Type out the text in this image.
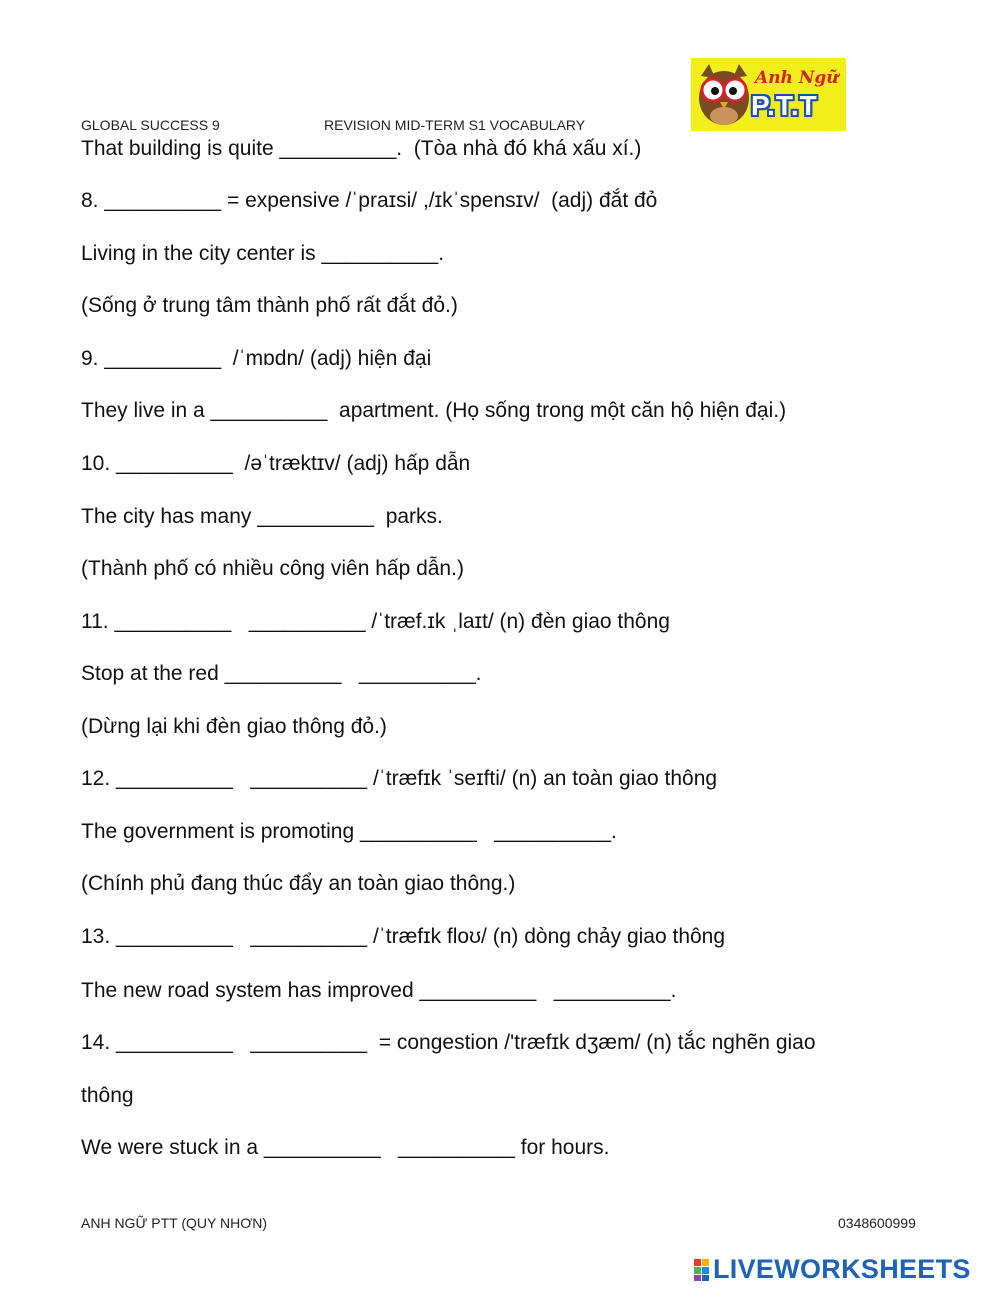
GLOBAL SUCCESS 9	REVISION MID-TERM S1 VOCABULARY
Anh Ngữ
P.T.T
That building is quite __________.  (Tòa nhà đó khá xấu xí.)
8. __________ = expensive /ˈpraɪsi/ ,/ɪkˈspensɪv/  (adj) đắt đỏ
Living in the city center is __________.
(Sống ở trung tâm thành phố rất đắt đỏ.)
9. __________  /ˈmɒdn/ (adj) hiện đại
They live in a __________  apartment. (Họ sống trong một căn hộ hiện đại.)
10. __________  /əˈtræktɪv/ (adj) hấp dẫn
The city has many __________  parks.
(Thành phố có nhiều công viên hấp dẫn.)
11. __________   __________ /ˈtræf.ɪk ˌlaɪt/ (n) đèn giao thông
Stop at the red __________   __________.
(Dừng lại khi đèn giao thông đỏ.)
12. __________   __________ /ˈtræfɪk ˈseɪfti/ (n) an toàn giao thông
The government is promoting __________   __________.
(Chính phủ đang thúc đẩy an toàn giao thông.)
13. __________   __________ /ˈtræfɪk floʊ/ (n) dòng chảy giao thông
The new road system has improved __________   __________.
14. __________   __________  = congestion /'træfɪk dʒæm/ (n) tắc nghẽn giao
thông
We were stuck in a __________   __________ for hours.
ANH NGỮ PTT (QUY NHƠN)	0348600999
LIVEWORKSHEETS
